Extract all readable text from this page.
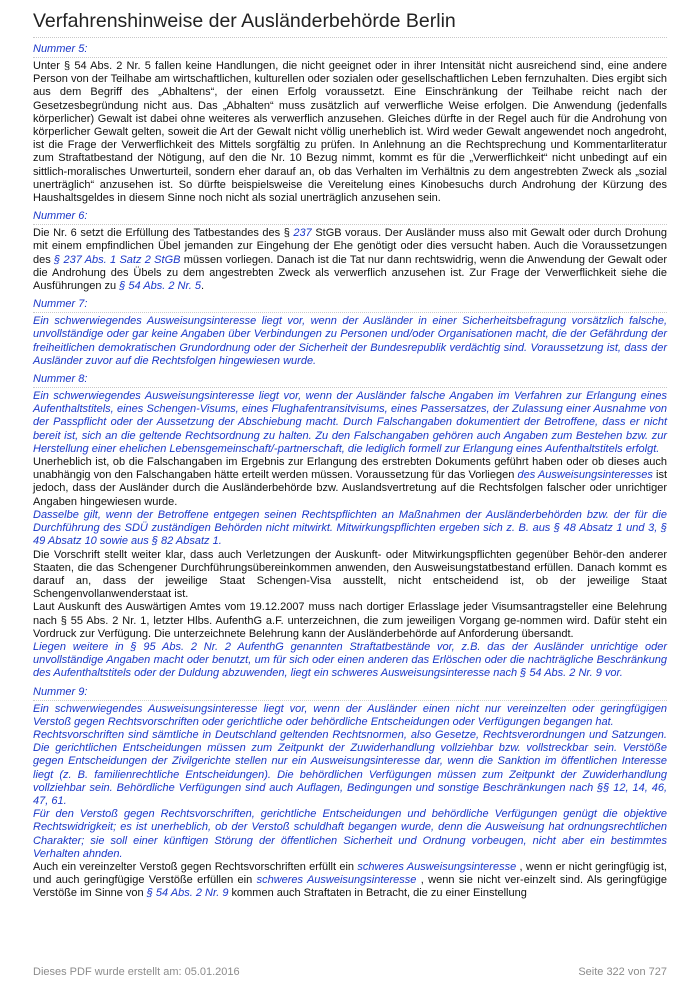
Verfahrenshinweise der Ausländerbehörde Berlin
Nummer 5:

Unter § 54 Abs. 2 Nr. 5 fallen keine Handlungen, die nicht geeignet oder in ihrer Intensität nicht ausreichend sind, eine andere Person von der Teilhabe am wirtschaftlichen, kulturellen oder sozialen oder gesellschaftlichen Leben fernzuhalten. Dies ergibt sich aus dem Begriff des „Abhaltens“, der einen Erfolg voraussetzt. Eine Einschränkung der Teilhabe reicht nach der Gesetzesbegründung nicht aus. Das „Abhalten“ muss zusätzlich auf verwerfliche Weise erfolgen. Die Anwendung (jedenfalls körperlicher) Gewalt ist dabei ohne weiteres als verwerflich anzusehen. Gleiches dürfte in der Regel auch für die Androhung von körperlicher Gewalt gelten, soweit die Art der Gewalt nicht völlig unerheblich ist. Wird weder Gewalt angewendet noch angedroht, ist die Frage der Verwerflichkeit des Mittels sorgfältig zu prüfen. In Anlehnung an die Rechtsprechung und Kommentarliteratur zum Straftatbestand der Nötigung, auf den die Nr. 10 Bezug nimmt, kommt es für die „Verwerflichkeit“ nicht unbedingt auf ein sittlich-moralisches Unwerturteil, sondern eher darauf an, ob das Verhalten im Verhältnis zu dem angestrebten Zweck als „sozial unerträglich“ anzusehen ist. So dürfte beispielsweise die Vereitelung eines Kinobesuchs durch Androhung der Kürzung des Haushaltsgeldes in diesem Sinne noch nicht als sozial unerträglich anzusehen sein.

Nummer 6:

Die Nr. 6 setzt die Erfüllung des Tatbestandes des § 237 StGB voraus. Der Ausländer muss also mit Gewalt oder durch Drohung mit einem empfindlichen Übel jemanden zur Eingehung der Ehe genötigt oder dies versucht haben. Auch die Voraussetzungen des § 237 Abs. 1 Satz 2 StGB müssen vorliegen. Danach ist die Tat nur dann rechtswidrig, wenn die Anwendung der Gewalt oder die Androhung des Übels zu dem angestrebten Zweck als verwerflich anzusehen ist. Zur Frage der Verwerflichkeit siehe die Ausführungen zu § 54 Abs. 2 Nr. 5.

Nummer 7:

Ein schwerwiegendes Ausweisungsinteresse liegt vor, wenn der Ausländer in einer Sicherheitsbefragung vorsätzlich falsche, unvollständige oder gar keine Angaben über Verbindungen zu Personen und/oder Organisationen macht, die der Gefährdung der freiheitlichen demokratischen Grundordnung oder der Sicherheit der Bundesrepublik verdächtig sind. Voraussetzung ist, dass der Ausländer zuvor auf die Rechtsfolgen hingewiesen wurde.

Nummer 8:

Ein schwerwiegendes Ausweisungsinteresse liegt vor, wenn der Ausländer falsche Angaben im Verfahren zur Erlangung eines Aufenthaltstitels, eines Schengen-Visums, eines Flughafentransitvisums, eines Passersatzes, der Zulassung einer Ausnahme von der Passpflicht oder der Aussetzung der Abschiebung macht. Durch Falschangaben dokumentiert der Betroffene, dass er nicht bereit ist, sich an die geltende Rechtsordnung zu halten. Zu den Falschangaben gehören auch Angaben zum Bestehen bzw. zur Herstellung einer ehelichen Lebensgemeinschaft/-partnerschaft, die lediglich formell zur Erlangung eines Aufenthaltstitels erfolgt.

Unerheblich ist, ob die Falschangaben im Ergebnis zur Erlangung des erstrebten Dokuments geführt haben oder ob dieses auch unabhängig von den Falschangaben hätte erteilt werden müssen. Voraussetzung für das Vorliegen des Ausweisungsinteresses ist jedoch, dass der Ausländer durch die Ausländerbehörde bzw. Auslandsvertretung auf die Rechtsfolgen falscher oder unrichtiger Angaben hingewiesen wurde.

Dasselbe gilt, wenn der Betroffene entgegen seinen Rechtspflichten an Maßnahmen der Ausländerbehörden bzw. der für die Durchführung des SDÜ zuständigen Behörden nicht mitwirkt. Mitwirkungspflichten ergeben sich z. B. aus § 48 Absatz 1 und 3, § 49 Absatz 10 sowie aus § 82 Absatz 1.

Die Vorschrift stellt weiter klar, dass auch Verletzungen der Auskunft- oder Mitwirkungspflichten gegenüber Behör-den anderer Staaten, die das Schengener Durchführungsübereinkommen anwenden, den Ausweisungstatbestand erfüllen. Danach kommt es darauf an, dass der jeweilige Staat Schengen-Visa ausstellt, nicht entscheidend ist, ob der jeweilige Staat Schengenvollanwenderstaat ist.

Laut Auskunft des Auswärtigen Amtes vom 19.12.2007 muss nach dortiger Erlasslage jeder Visumsantragsteller eine Belehrung nach § 55 Abs. 2 Nr. 1, letzter Hlbs. AufenthG a.F. unterzeichnen, die zum jeweiligen Vorgang ge-nommen wird. Dafür steht ein Vordruck zur Verfügung. Die unterzeichnete Belehrung kann der Ausländerbehörde auf Anforderung übersandt.

Liegen weitere in § 95 Abs. 2 Nr. 2 AufenthG genannten Straftatbestände vor, z.B. das der Ausländer unrichtige oder unvollständige Angaben macht oder benutzt, um für sich oder einen anderen das Erlöschen oder die nachträgliche Beschränkung des Aufenthaltstitels oder der Duldung abzuwenden, liegt ein schweres Ausweisungsinteresse nach § 54 Abs. 2 Nr. 9 vor.

Nummer 9:

Ein schwerwiegendes Ausweisungsinteresse liegt vor, wenn der Ausländer einen nicht nur vereinzelten oder geringfügigen Verstoß gegen Rechtsvorschriften oder gerichtliche oder behördliche Entscheidungen oder Verfügungen begangen hat.

Rechtsvorschriften sind sämtliche in Deutschland geltenden Rechtsnormen, also Gesetze, Rechtsverordnungen und Satzungen. Die gerichtlichen Entscheidungen müssen zum Zeitpunkt der Zuwiderhandlung vollziehbar bzw. vollstreckbar sein. Verstöße gegen Entscheidungen der Zivilgerichte stellen nur ein Ausweisungsinteresse dar, wenn die Sanktion im öffentlichen Interesse liegt (z. B. familienrechtliche Entscheidungen). Die behördlichen Verfügungen müssen zum Zeitpunkt der Zuwiderhandlung vollziehbar sein. Behördliche Verfügungen sind auch Auflagen, Bedingungen und sonstige Beschränkungen nach §§ 12, 14, 46, 47, 61.

Für den Verstoß gegen Rechtsvorschriften, gerichtliche Entscheidungen und behördliche Verfügungen genügt die objektive Rechtswidrigkeit; es ist unerheblich, ob der Verstoß schuldhaft begangen wurde, denn die Ausweisung hat ordnungsrechtlichen Charakter; sie soll einer künftigen Störung der öffentlichen Sicherheit und Ordnung vorbeugen, nicht aber ein bestimmtes Verhalten ahnden.

Auch ein vereinzelter Verstoß gegen Rechtsvorschriften erfüllt ein schweres Ausweisungsinteresse , wenn er nicht geringfügig ist, und auch geringfügige Verstöße erfüllen ein schweres Ausweisungsinteresse , wenn sie nicht ver-einzelt sind. Als geringfügige Verstöße im Sinne von § 54 Abs. 2 Nr. 9 kommen auch Straftaten in Betracht, die zu einer Einstellung

Dieses PDF wurde erstellt am: 05.01.2016	Seite 322 von 727
